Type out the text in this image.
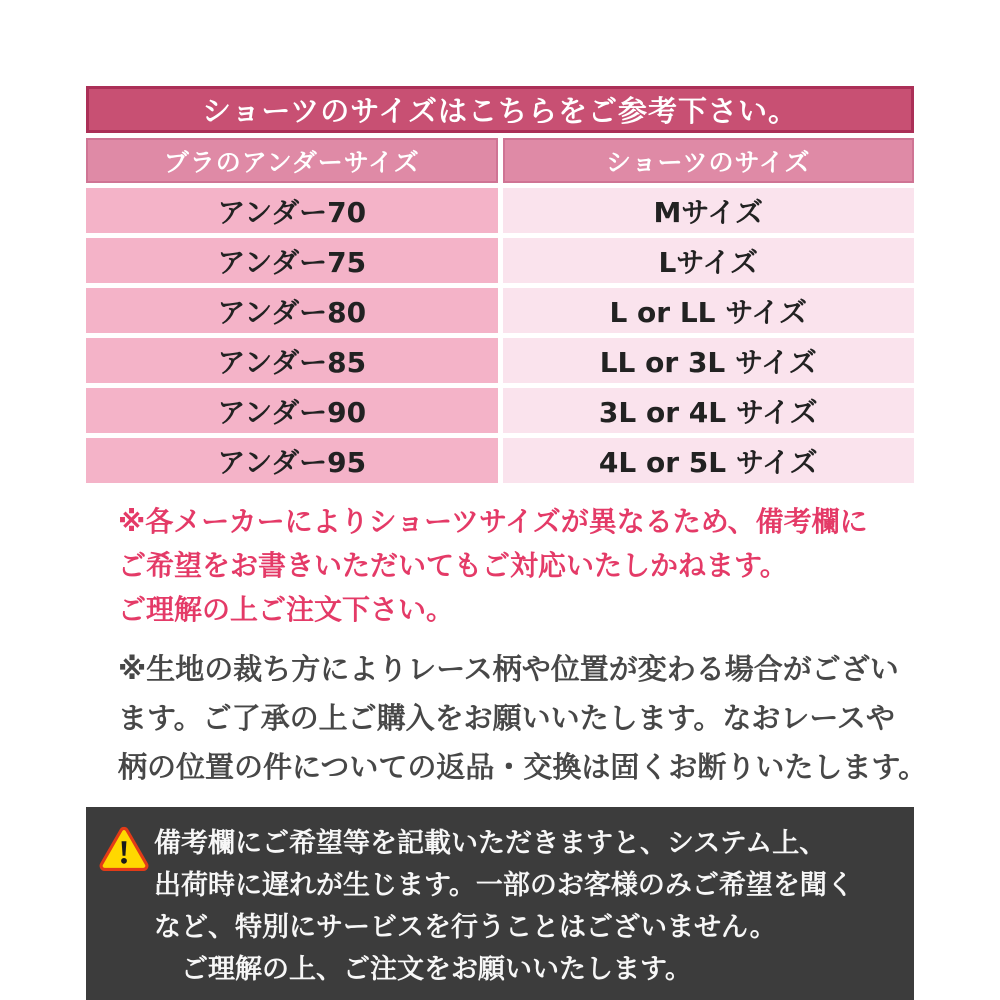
ショーツのサイズはこちらをご参考下さい。
ブラのアンダーサイズ	ショーツのサイズ
アンダー70	Mサイズ
アンダー75	Lサイズ
アンダー80	L or LL サイズ
アンダー85	LL or 3L サイズ
アンダー90	3L or 4L サイズ
アンダー95	4L or 5L サイズ
※各メーカーによりショーツサイズが異なるため、備考欄に
ご希望をお書きいただいてもご対応いたしかねます。
ご理解の上ご注文下さい。
※生地の裁ち方によりレース柄や位置が変わる場合がござい
ます。ご了承の上ご購入をお願いいたします。なおレースや
柄の位置の件についての返品・交換は固くお断りいたします。
備考欄にご希望等を記載いただきますと、システム上、
出荷時に遅れが生じます。一部のお客様のみご希望を聞く
など、特別にサービスを行うことはございません。
　ご理解の上、ご注文をお願いいたします。
